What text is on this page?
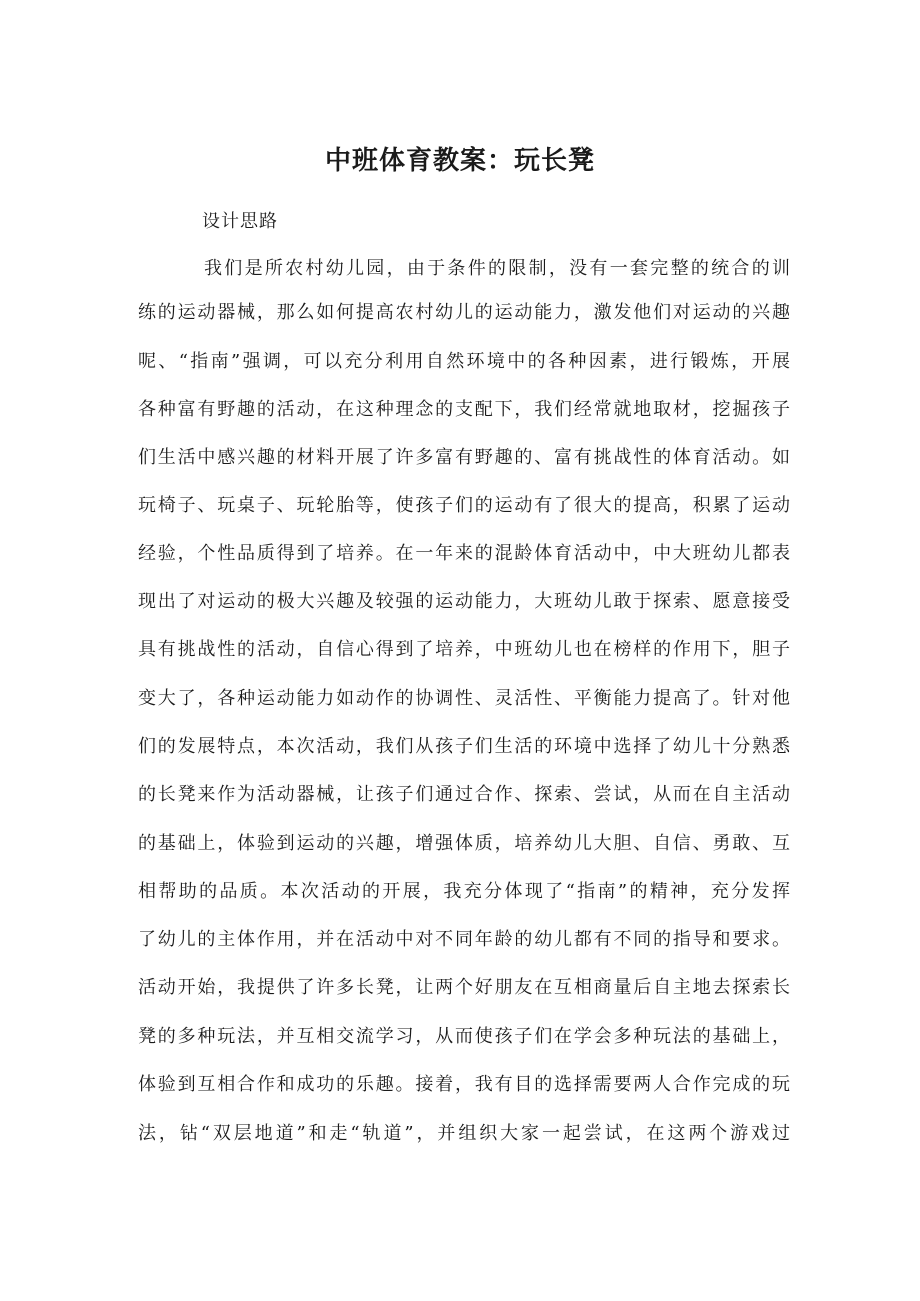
中班体育教案：玩长凳

设计思路

我们是所农村幼儿园，由于条件的限制，没有一套完整的统合的训
练的运动器械，那么如何提高农村幼儿的运动能力，激发他们对运动的兴趣
呢、“指南”强调，可以充分利用自然环境中的各种因素，进行锻炼，开展
各种富有野趣的活动，在这种理念的支配下，我们经常就地取材，挖掘孩子
们生活中感兴趣的材料开展了许多富有野趣的、富有挑战性的体育活动。如
玩椅子、玩桌子、玩轮胎等，使孩子们的运动有了很大的提高，积累了运动
经验，个性品质得到了培养。在一年来的混龄体育活动中，中大班幼儿都表
现出了对运动的极大兴趣及较强的运动能力，大班幼儿敢于探索、愿意接受
具有挑战性的活动，自信心得到了培养，中班幼儿也在榜样的作用下，胆子
变大了，各种运动能力如动作的协调性、灵活性、平衡能力提高了。针对他
们的发展特点，本次活动，我们从孩子们生活的环境中选择了幼儿十分熟悉
的长凳来作为活动器械，让孩子们通过合作、探索、尝试，从而在自主活动
的基础上，体验到运动的兴趣，增强体质，培养幼儿大胆、自信、勇敢、互
相帮助的品质。本次活动的开展，我充分体现了“指南”的精神，充分发挥
了幼儿的主体作用，并在活动中对不同年龄的幼儿都有不同的指导和要求。
活动开始，我提供了许多长凳，让两个好朋友在互相商量后自主地去探索长
凳的多种玩法，并互相交流学习，从而使孩子们在学会多种玩法的基础上，
体验到互相合作和成功的乐趣。接着，我有目的选择需要两人合作完成的玩
法，钻“双层地道”和走“轨道”，并组织大家一起尝试，在这两个游戏过
